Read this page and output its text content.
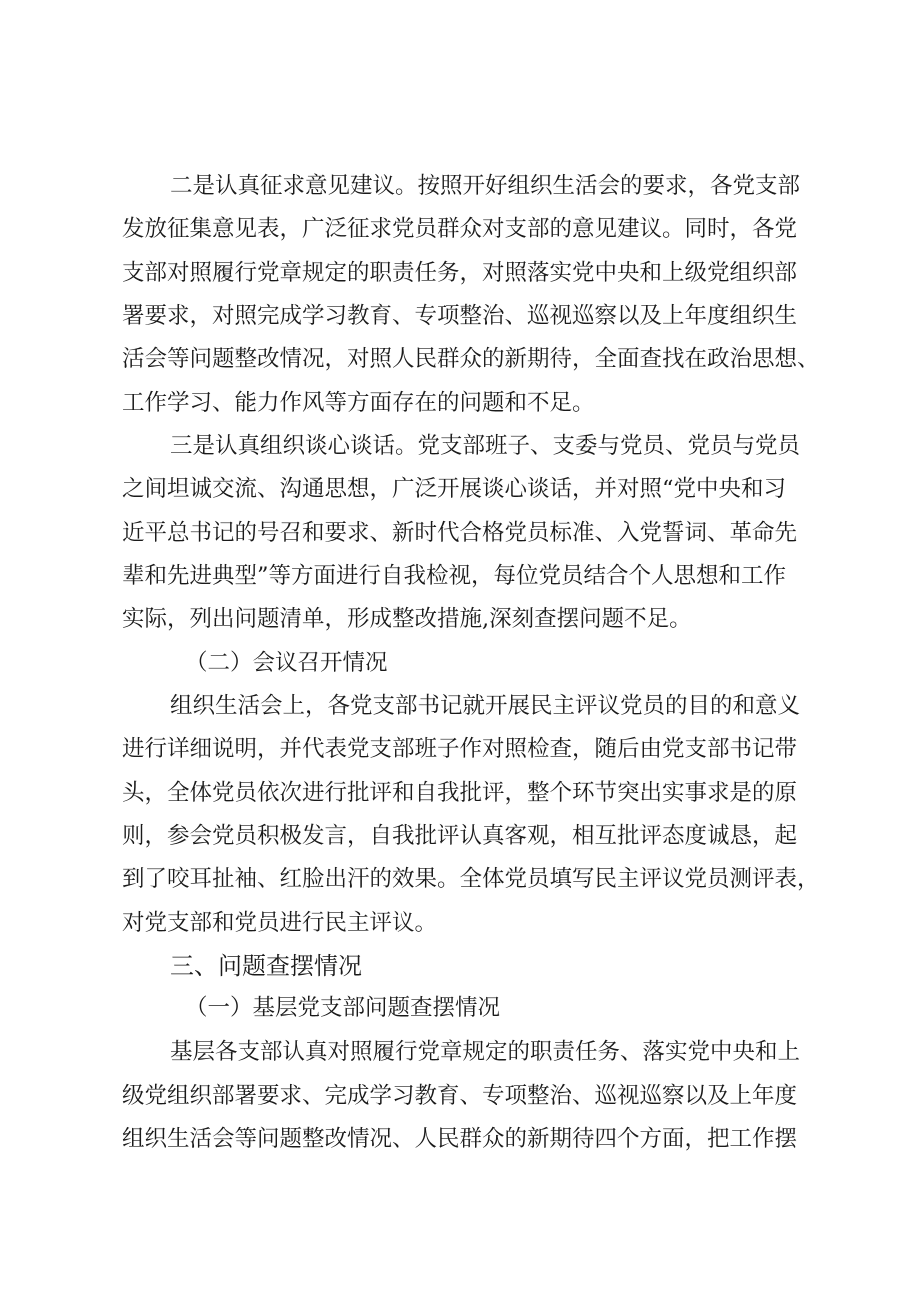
二是认真征求意见建议。按照开好组织生活会的要求，各党支部
发放征集意见表，广泛征求党员群众对支部的意见建议。同时，各党
支部对照履行党章规定的职责任务，对照落实党中央和上级党组织部
署要求，对照完成学习教育、专项整治、巡视巡察以及上年度组织生
活会等问题整改情况，对照人民群众的新期待，全面查找在政治思想、
工作学习、能力作风等方面存在的问题和不足。
三是认真组织谈心谈话。党支部班子、支委与党员、党员与党员
之间坦诚交流、沟通思想，广泛开展谈心谈话，并对照“党中央和习
近平总书记的号召和要求、新时代合格党员标准、入党誓词、革命先
辈和先进典型”等方面进行自我检视，每位党员结合个人思想和工作
实际，列出问题清单，形成整改措施,深刻查摆问题不足。
（二）会议召开情况
组织生活会上，各党支部书记就开展民主评议党员的目的和意义
进行详细说明，并代表党支部班子作对照检查，随后由党支部书记带
头，全体党员依次进行批评和自我批评，整个环节突出实事求是的原
则，参会党员积极发言，自我批评认真客观，相互批评态度诚恳，起
到了咬耳扯袖、红脸出汗的效果。全体党员填写民主评议党员测评表，
对党支部和党员进行民主评议。
三、问题查摆情况
（一）基层党支部问题查摆情况
基层各支部认真对照履行党章规定的职责任务、落实党中央和上
级党组织部署要求、完成学习教育、专项整治、巡视巡察以及上年度
组织生活会等问题整改情况、人民群众的新期待四个方面，把工作摆
